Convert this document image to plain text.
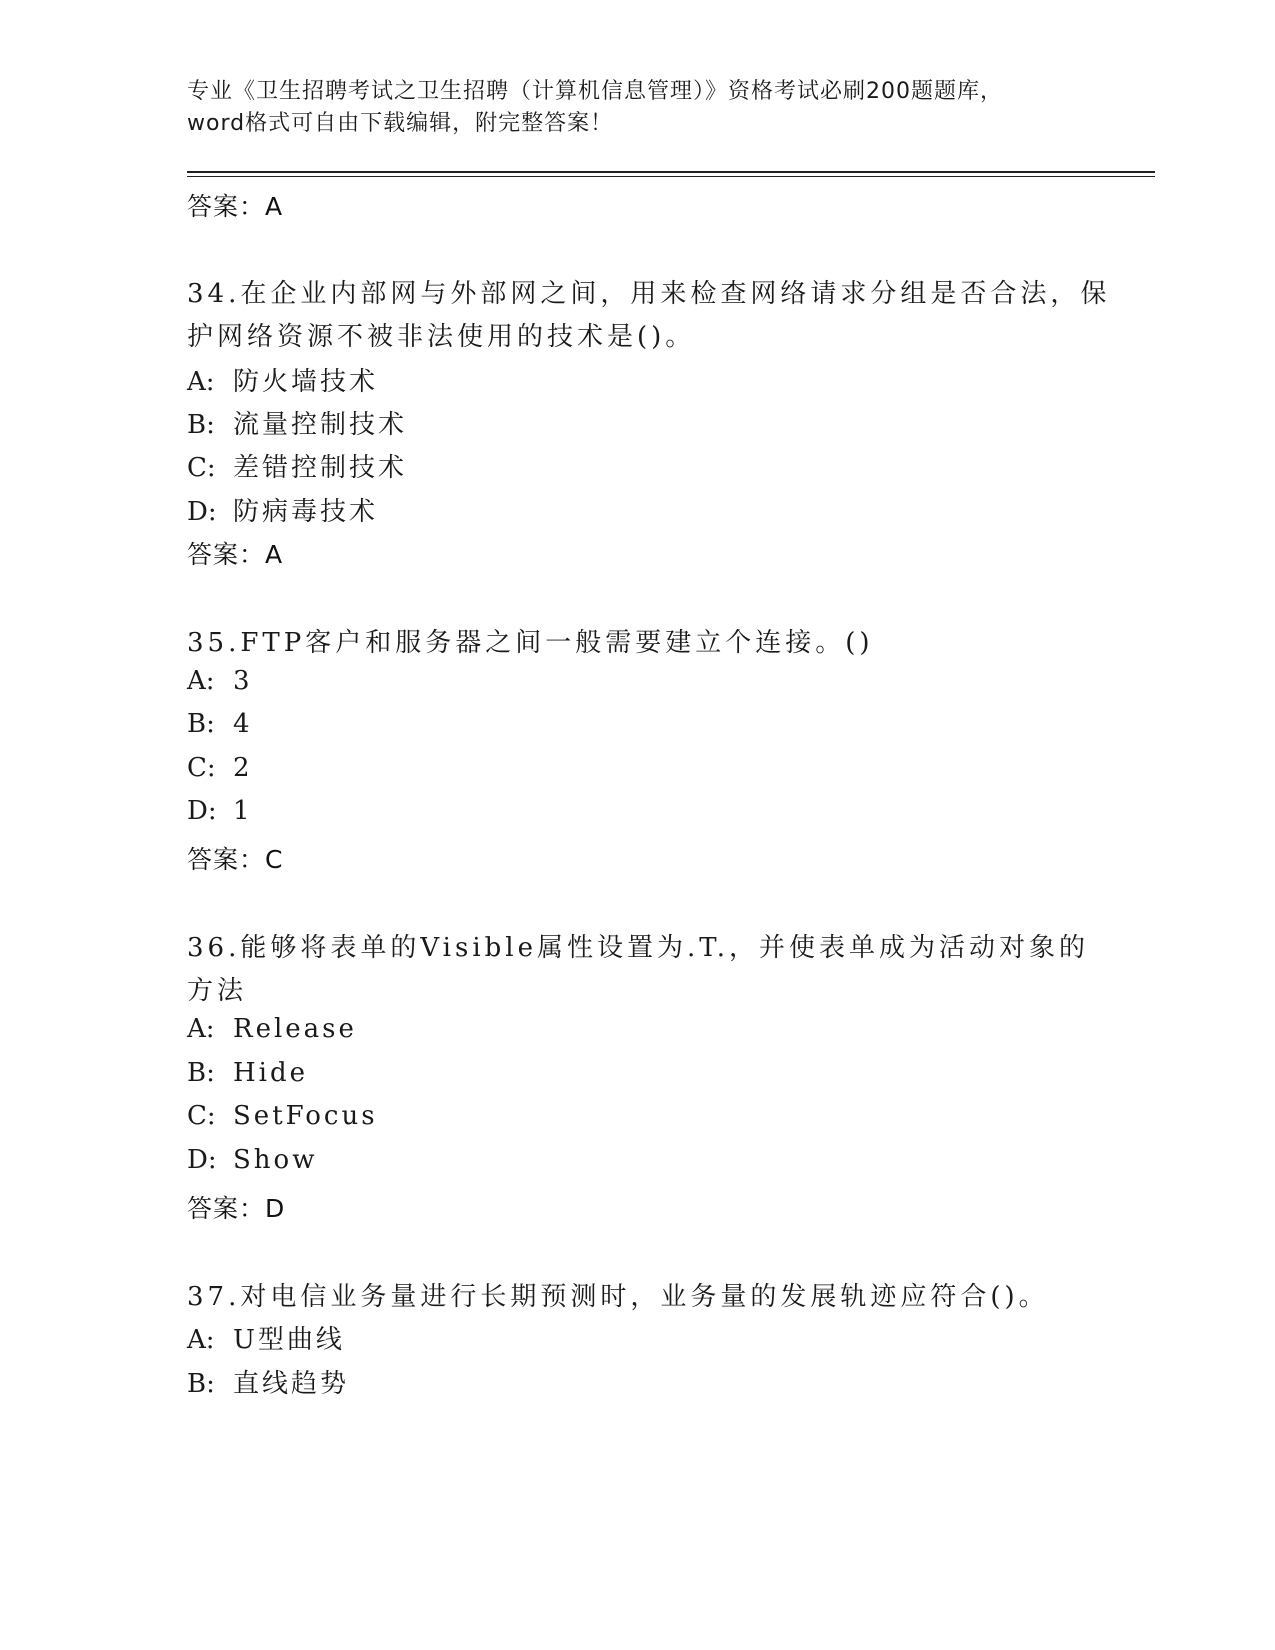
专业《卫生招聘考试之卫生招聘（计算机信息管理）》资格考试必刷200题题库，
word格式可自由下载编辑，附完整答案！
答案：A
34.在企业内部网与外部网之间，用来检查网络请求分组是否合法，保
护网络资源不被非法使用的技术是()。
A: 防火墙技术
B: 流量控制技术
C: 差错控制技术
D: 防病毒技术
答案：A
35.FTP客户和服务器之间一般需要建立个连接。()
A: 3
B: 4
C: 2
D: 1
答案：C
36.能够将表单的Visible属性设置为.T.，并使表单成为活动对象的
方法
A: Release
B: Hide
C: SetFocus
D: Show
答案：D
37.对电信业务量进行长期预测时，业务量的发展轨迹应符合()。
A: U型曲线
B: 直线趋势
